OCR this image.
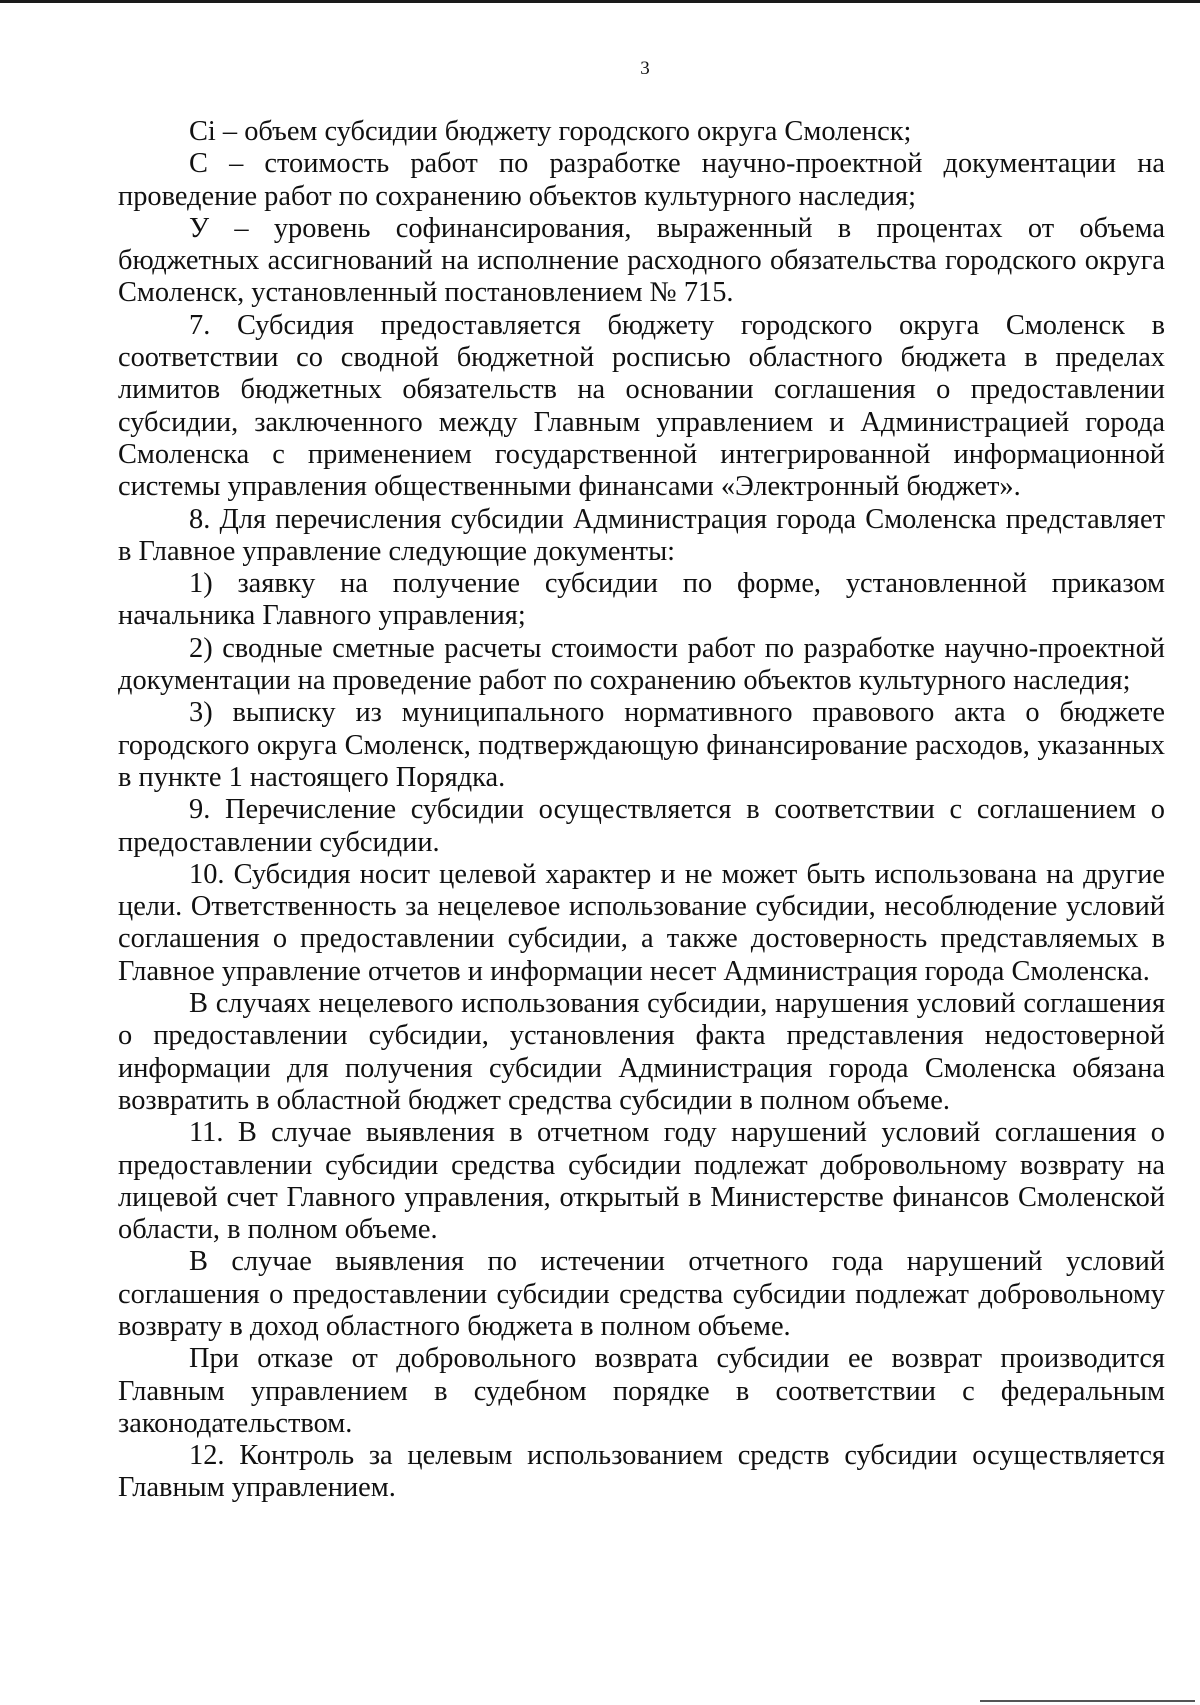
3

Ci – объем субсидии бюджету городского округа Смоленск;

С – стоимость работ по разработке научно-проектной документации на проведение работ по сохранению объектов культурного наследия;

У – уровень софинансирования, выраженный в процентах от объема бюджетных ассигнований на исполнение расходного обязательства городского округа Смоленск, установленный постановлением № 715.

7. Субсидия предоставляется бюджету городского округа Смоленск в соответствии со сводной бюджетной росписью областного бюджета в пределах лимитов бюджетных обязательств на основании соглашения о предоставлении субсидии, заключенного между Главным управлением и Администрацией города Смоленска с применением государственной интегрированной информационной системы управления общественными финансами «Электронный бюджет».

8. Для перечисления субсидии Администрация города Смоленска представляет в Главное управление следующие документы:

1) заявку на получение субсидии по форме, установленной приказом начальника Главного управления;

2) сводные сметные расчеты стоимости работ по разработке научно-проектной документации на проведение работ по сохранению объектов культурного наследия;

3) выписку из муниципального нормативного правового акта о бюджете городского округа Смоленск, подтверждающую финансирование расходов, указанных в пункте 1 настоящего Порядка.

9. Перечисление субсидии осуществляется в соответствии с соглашением о предоставлении субсидии.

10. Субсидия носит целевой характер и не может быть использована на другие цели. Ответственность за нецелевое использование субсидии, несоблюдение условий соглашения о предоставлении субсидии, а также достоверность представляемых в Главное управление отчетов и информации несет Администрация города Смоленска.

В случаях нецелевого использования субсидии, нарушения условий соглашения о предоставлении субсидии, установления факта представления недостоверной информации для получения субсидии Администрация города Смоленска обязана возвратить в областной бюджет средства субсидии в полном объеме.

11. В случае выявления в отчетном году нарушений условий соглашения о предоставлении субсидии средства субсидии подлежат добровольному возврату на лицевой счет Главного управления, открытый в Министерстве финансов Смоленской области, в полном объеме.

В случае выявления по истечении отчетного года нарушений условий соглашения о предоставлении субсидии средства субсидии подлежат добровольному возврату в доход областного бюджета в полном объеме.

При отказе от добровольного возврата субсидии ее возврат производится Главным управлением в судебном порядке в соответствии с федеральным законодательством.

12. Контроль за целевым использованием средств субсидии осуществляется Главным управлением.
